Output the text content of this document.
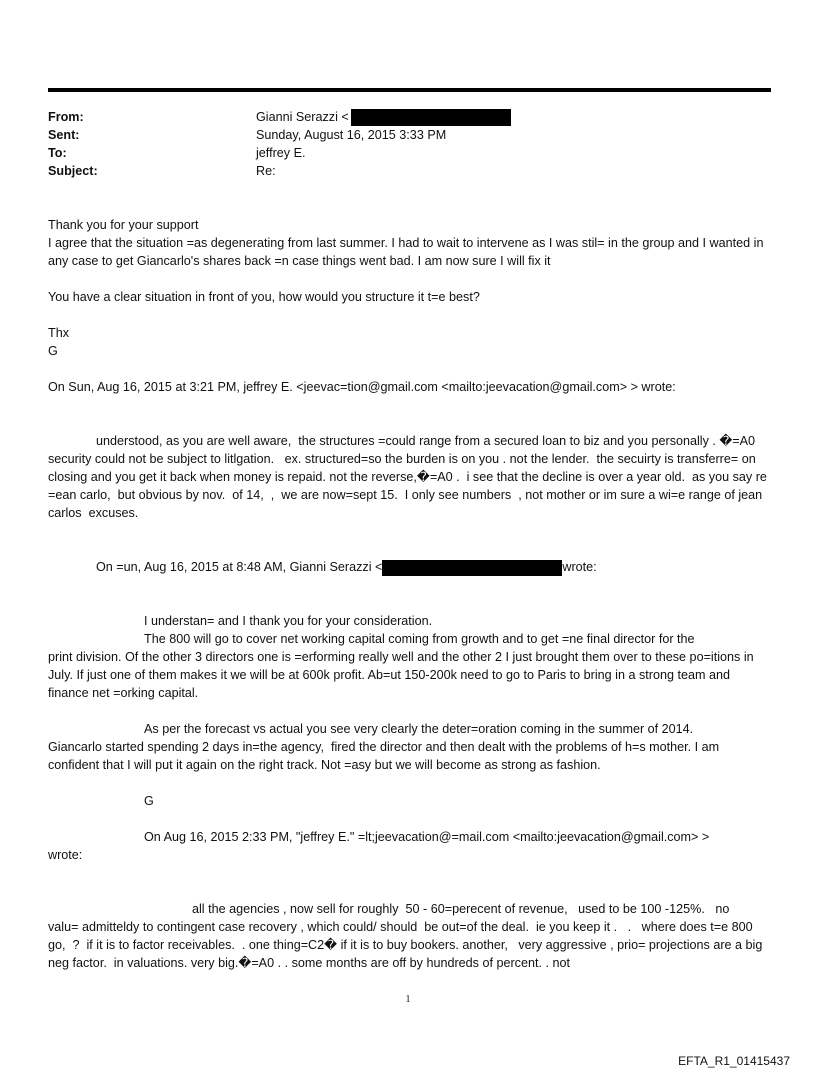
From:	Gianni Serazzi <
Sent:	Sunday, August 16, 2015 3:33 PM
To:	jeffrey E.
Subject:	Re:
Thank you for your support
I agree that the situation =as degenerating from last summer. I had to wait to intervene as I was stil= in the group and I wanted in any case to get Giancarlo's shares back =n case things went bad. I am now sure I will fix it
You have a clear situation in front of you, how would you structure it t=e best?
Thx
G
On Sun, Aug 16, 2015 at 3:21 PM, jeffrey E. <jeevac=tion@gmail.com <mailto:jeevacation@gmail.com> > wrote:
understood, as you are well aware,  the structures =could range from a secured loan to biz and you personally . �=A0 security could not be subject to litlgation.   ex. structured=so the burden is on you . not the lender.  the secuirty is transferre= on closing and you get it back when money is repaid. not the reverse,�=A0 .  i see that the decline is over a year old.  as you say re =ean carlo,  but obvious by nov.  of 14,  ,  we are now=sept 15.  I only see numbers  , not mother or im sure a wi=e range of jean carlos  excuses.
On =un, Aug 16, 2015 at 8:48 AM, Gianni Serazzi <	wrote:
I understan= and I thank you for your consideration.
The 800 will go to cover net working capital coming from growth and to get =ne final director for the
print division. Of the other 3 directors one is =erforming really well and the other 2 I just brought them over to these po=itions in July. If just one of them makes it we will be at 600k profit. Ab=ut 150-200k need to go to Paris to bring in a strong team and finance net =orking capital.
As per the forecast vs actual you see very clearly the deter=oration coming in the summer of 2014.
Giancarlo started spending 2 days in=the agency,  fired the director and then dealt with the problems of h=s mother. I am confident that I will put it again on the right track. Not =asy but we will become as strong as fashion.
G
On Aug 16, 2015 2:33 PM, "jeffrey E." =lt;jeevacation@=mail.com <mailto:jeevacation@gmail.com> >
wrote:
all the agencies , now sell for roughly  50 - 60=perecent of revenue,   used to be 100 -125%.   no
valu= admitteldy to contingent case recovery , which could/ should  be out=of the deal.  ie you keep it .   .   where does t=e 800 go,  ?  if it is to factor receivables.  . one thing=C2� if it is to buy bookers. another,   very aggressive , prio= projections are a big  neg factor.  in valuations. very big.�=A0 . . some months are off by hundreds of percent. . not
1
EFTA_R1_01415437
